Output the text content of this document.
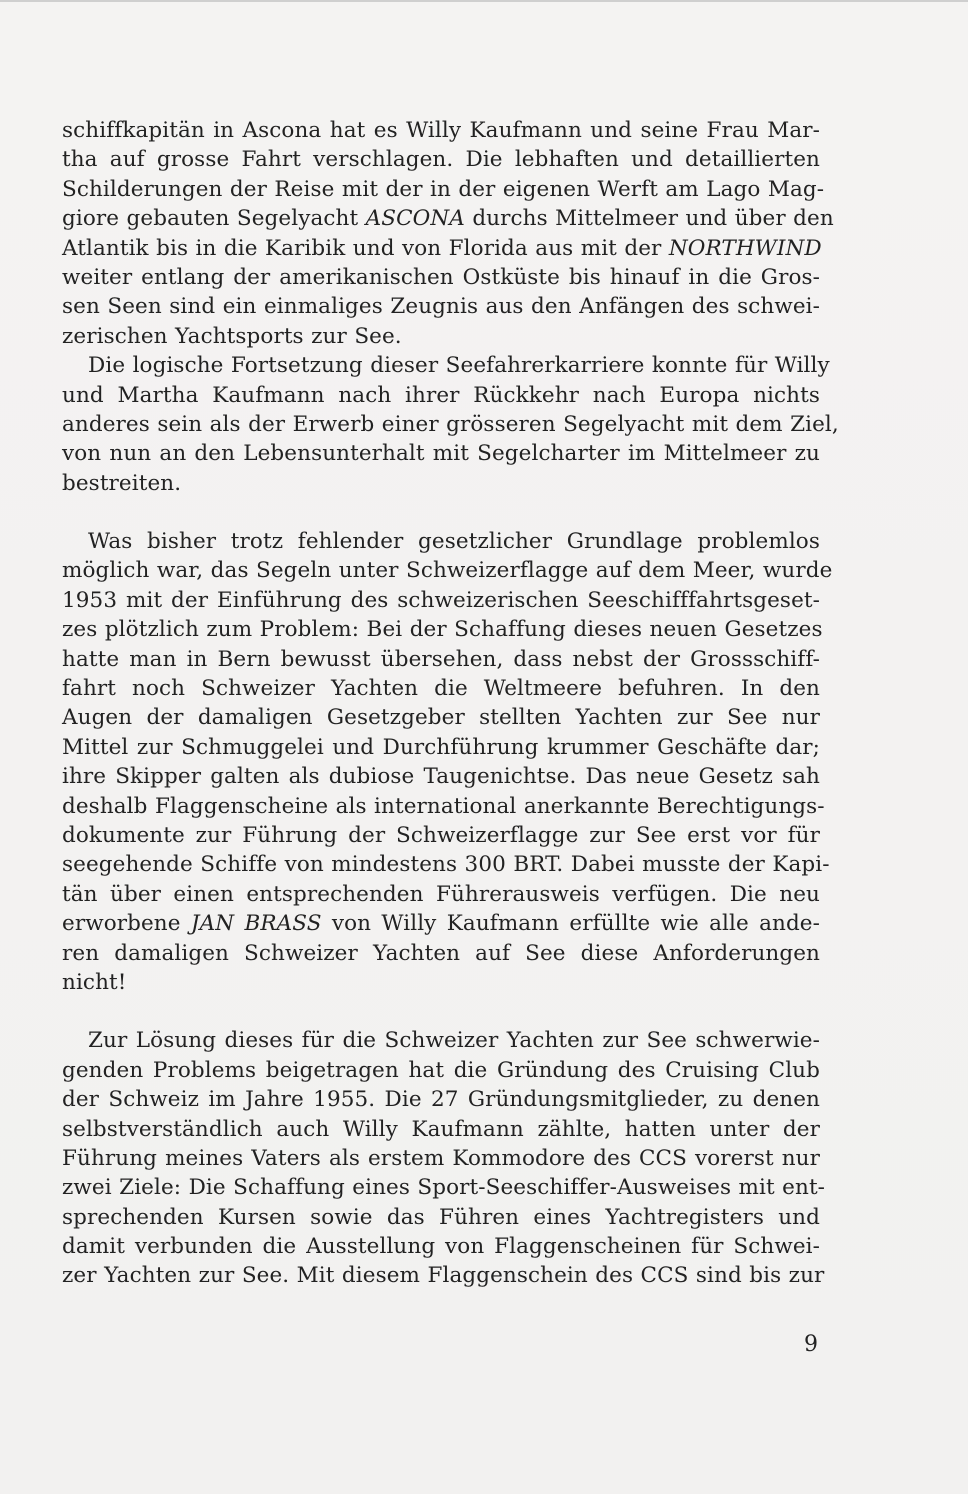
schiffkapitän in Ascona hat es Willy Kaufmann und seine Frau Mar-
tha auf grosse Fahrt verschlagen. Die lebhaften und detaillierten
Schilderungen der Reise mit der in der eigenen Werft am Lago Mag-
giore gebauten Segelyacht ASCONA durchs Mittelmeer und über den
Atlantik bis in die Karibik und von Florida aus mit der NORTHWIND
weiter entlang der amerikanischen Ostküste bis hinauf in die Gros-
sen Seen sind ein einmaliges Zeugnis aus den Anfängen des schwei-
zerischen Yachtsports zur See.

Die logische Fortsetzung dieser Seefahrerkarriere konnte für Willy
und Martha Kaufmann nach ihrer Rückkehr nach Europa nichts
anderes sein als der Erwerb einer grösseren Segelyacht mit dem Ziel,
von nun an den Lebensunterhalt mit Segelcharter im Mittelmeer zu
bestreiten.

Was bisher trotz fehlender gesetzlicher Grundlage problemlos
möglich war, das Segeln unter Schweizerflagge auf dem Meer, wurde
1953 mit der Einführung des schweizerischen Seeschifffahrtsgeset-
zes plötzlich zum Problem: Bei der Schaffung dieses neuen Gesetzes
hatte man in Bern bewusst übersehen, dass nebst der Grossschiff-
fahrt noch Schweizer Yachten die Weltmeere befuhren. In den
Augen der damaligen Gesetzgeber stellten Yachten zur See nur
Mittel zur Schmuggelei und Durchführung krummer Geschäfte dar;
ihre Skipper galten als dubiose Taugenichtse. Das neue Gesetz sah
deshalb Flaggenscheine als international anerkannte Berechtigungs-
dokumente zur Führung der Schweizerflagge zur See erst vor für
seegehende Schiffe von mindestens 300 BRT. Dabei musste der Kapi-
tän über einen entsprechenden Führerausweis verfügen. Die neu
erworbene JAN BRASS von Willy Kaufmann erfüllte wie alle ande-
ren damaligen Schweizer Yachten auf See diese Anforderungen
nicht!

Zur Lösung dieses für die Schweizer Yachten zur See schwerwie-
genden Problems beigetragen hat die Gründung des Cruising Club
der Schweiz im Jahre 1955. Die 27 Gründungsmitglieder, zu denen
selbstverständlich auch Willy Kaufmann zählte, hatten unter der
Führung meines Vaters als erstem Kommodore des CCS vorerst nur
zwei Ziele: Die Schaffung eines Sport-Seeschiffer-Ausweises mit ent-
sprechenden Kursen sowie das Führen eines Yachtregisters und
damit verbunden die Ausstellung von Flaggenscheinen für Schwei-
zer Yachten zur See. Mit diesem Flaggenschein des CCS sind bis zur

9
